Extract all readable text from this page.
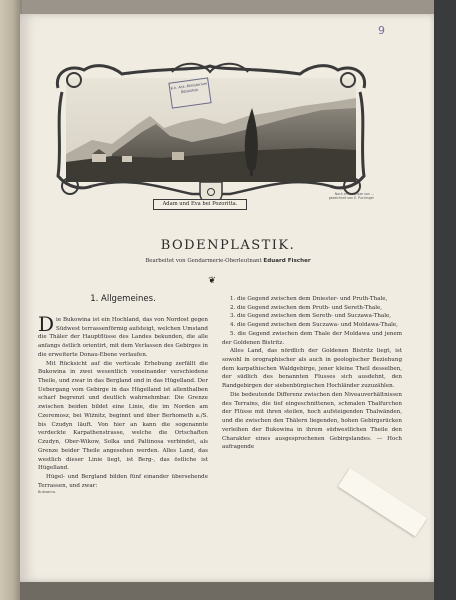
9
K.k. Ack.-Ministerium Bibliothek
Adam und Eva bei Pozoritta.
Nach einer Skizze von ... gezeichnet von E. Puchinger
BODENPLASTIK.
Bearbeitet von Gendarmerie-Oberleutnant Eduard Fischer
❦
1. Allgemeines.

Die Bukowina ist ein Hochland, das von Nordost gegen Südwest terrassenförmig aufsteigt, welchen Umstand die Thäler der Hauptflüsse des Landes bekunden, die alle anfangs östlich orientirt, mit dem Verlassen des Gebirges in die erweiterte Donau-Ebene verlaufen.

Mit Rücksicht auf die verticale Erhebung zerfällt die Bukowina in zwei wesentlich voneinander verschiedene Theile, und zwar in das Bergland und in das Hügelland. Der Uebergang vom Gebirge in das Hügelland ist allenthalben scharf begrenzt und deutlich wahrnehmbar. Die Grenze zwischen beiden bildet eine Linie, die im Norden am Czeremosz, bei Wiżnitz, beginnt und über Berhometh a./S. bis Czudyn läuft. Von hier an kann die sogenannte verdeckte Karpathenstrasse, welche die Ortschaften Czudyn, Ober-Wikow, Solka und Paltinosa verbindet, als Grenze beider Theile angesehen werden. Alles Land, das westlich dieser Linie liegt, ist Berg-, das östliche ist Hügelland.

Hügel- und Bergland bilden fünf einander übersehende Terrassen, und zwar:

Bukowina.

1. die Gegend zwischen dem Dniester- und Pruth-Thale,

2. die Gegend zwischen dem Pruth- und Sereth-Thale,

3. die Gegend zwischen dem Sereth- und Suczawa-Thale,

4. die Gegend zwischen dem Suczawa- und Moldawa-Thale,

5. die Gegend zwischen dem Thale der Moldawa und jenem der Goldenen Bistritz.

Alles Land, das nördlich der Goldenen Bistritz liegt, ist sowohl in orographischer als auch in geologischer Beziehung dem karpathischen Waldgebirge, jener kleine Theil desselben, der südlich des benannten Flusses sich ausdehnt, den Randgebirgen der siebenbürgischen Hochländer zuzuzählen.

Die bedeutende Differenz zwischen den Niveauverhältnissen des Terrains, die tief eingeschnittenen, schmalen Thalfurchen der Flüsse mit ihren steilen, hoch aufsteigenden Thalwänden, und die zwischen den Thälern liegenden, hohen Gebirgsrücken verleihen der Bukowina in ihrem südwestlichen Theile den Charakter eines ausgesprochenen Gebirgslandes. — Hoch aufragende
